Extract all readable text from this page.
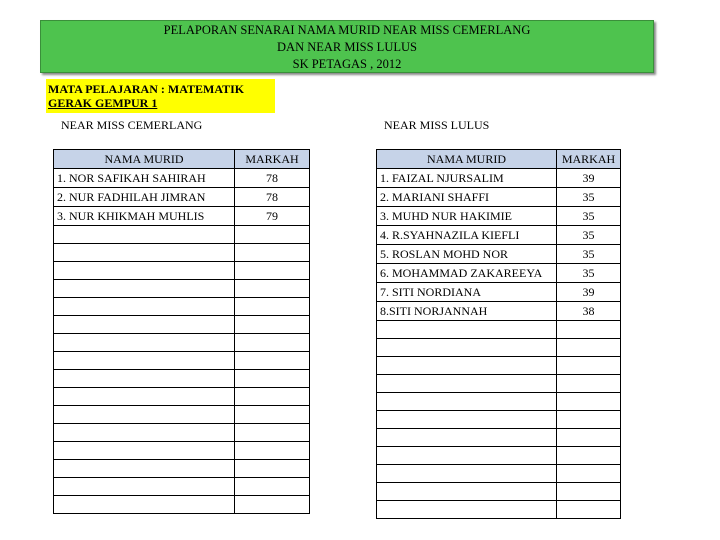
PELAPORAN SENARAI NAMA MURID NEAR MISS CEMERLANG
DAN NEAR MISS LULUS
SK PETAGAS , 2012
MATA PELAJARAN : MATEMATIK
GERAK GEMPUR 1
NEAR MISS CEMERLANG	NEAR MISS LULUS
NAMA MURID	MARKAH
1. NOR SAFIKAH SAHIRAH	78
2. NUR FADHILAH JIMRAN	78
3. NUR KHIKMAH MUHLIS	79

NAMA MURID	MARKAH
1. FAIZAL NJURSALIM	39
2. MARIANI SHAFFI	35
3. MUHD NUR HAKIMIE	35
4. R.SYAHNAZILA KIEFLI	35
5. ROSLAN MOHD NOR	35
6. MOHAMMAD ZAKAREEYA	35
7. SITI NORDIANA	39
8.SITI NORJANNAH	38
